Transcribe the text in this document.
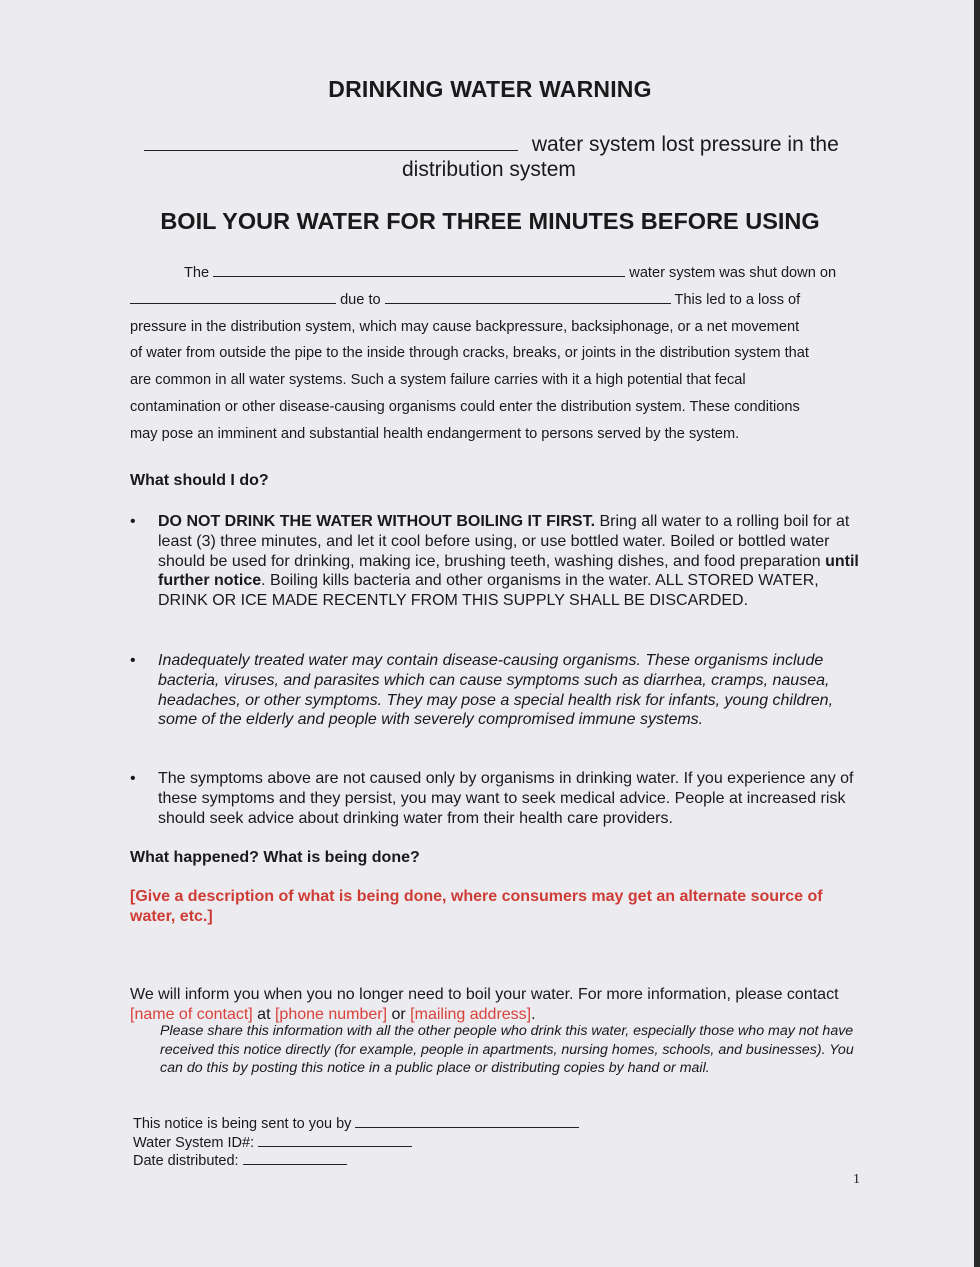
DRINKING WATER WARNING
water system lost pressure in the
distribution system
BOIL YOUR WATER FOR THREE MINUTES BEFORE USING
The	water system was shut down on
due to	This led to a loss of
pressure in the distribution system, which may cause backpressure, backsiphonage, or a net movement
of water from outside the pipe to the inside through cracks, breaks, or joints in the distribution system that
are common in all water systems. Such a system failure carries with it a high potential that fecal
contamination or other disease-causing organisms could enter the distribution system. These conditions
may pose an imminent and substantial health endangerment to persons served by the system.
What should I do?
• DO NOT DRINK THE WATER WITHOUT BOILING IT FIRST. Bring all water to a rolling boil for at least (3) three minutes, and let it cool before using, or use bottled water. Boiled or bottled water should be used for drinking, making ice, brushing teeth, washing dishes, and food preparation until further notice. Boiling kills bacteria and other organisms in the water. ALL STORED WATER, DRINK OR ICE MADE RECENTLY FROM THIS SUPPLY SHALL BE DISCARDED.
• Inadequately treated water may contain disease-causing organisms. These organisms include bacteria, viruses, and parasites which can cause symptoms such as diarrhea, cramps, nausea, headaches, or other symptoms. They may pose a special health risk for infants, young children, some of the elderly and people with severely compromised immune systems.
• The symptoms above are not caused only by organisms in drinking water. If you experience any of these symptoms and they persist, you may want to seek medical advice. People at increased risk should seek advice about drinking water from their health care providers.
What happened? What is being done?
[Give a description of what is being done, where consumers may get an alternate source of water, etc.]
We will inform you when you no longer need to boil your water. For more information, please contact [name of contact] at [phone number] or [mailing address].
Please share this information with all the other people who drink this water, especially those who may not have received this notice directly (for example, people in apartments, nursing homes, schools, and businesses). You can do this by posting this notice in a public place or distributing copies by hand or mail.
This notice is being sent to you by
Water System ID#:
Date distributed:
1
